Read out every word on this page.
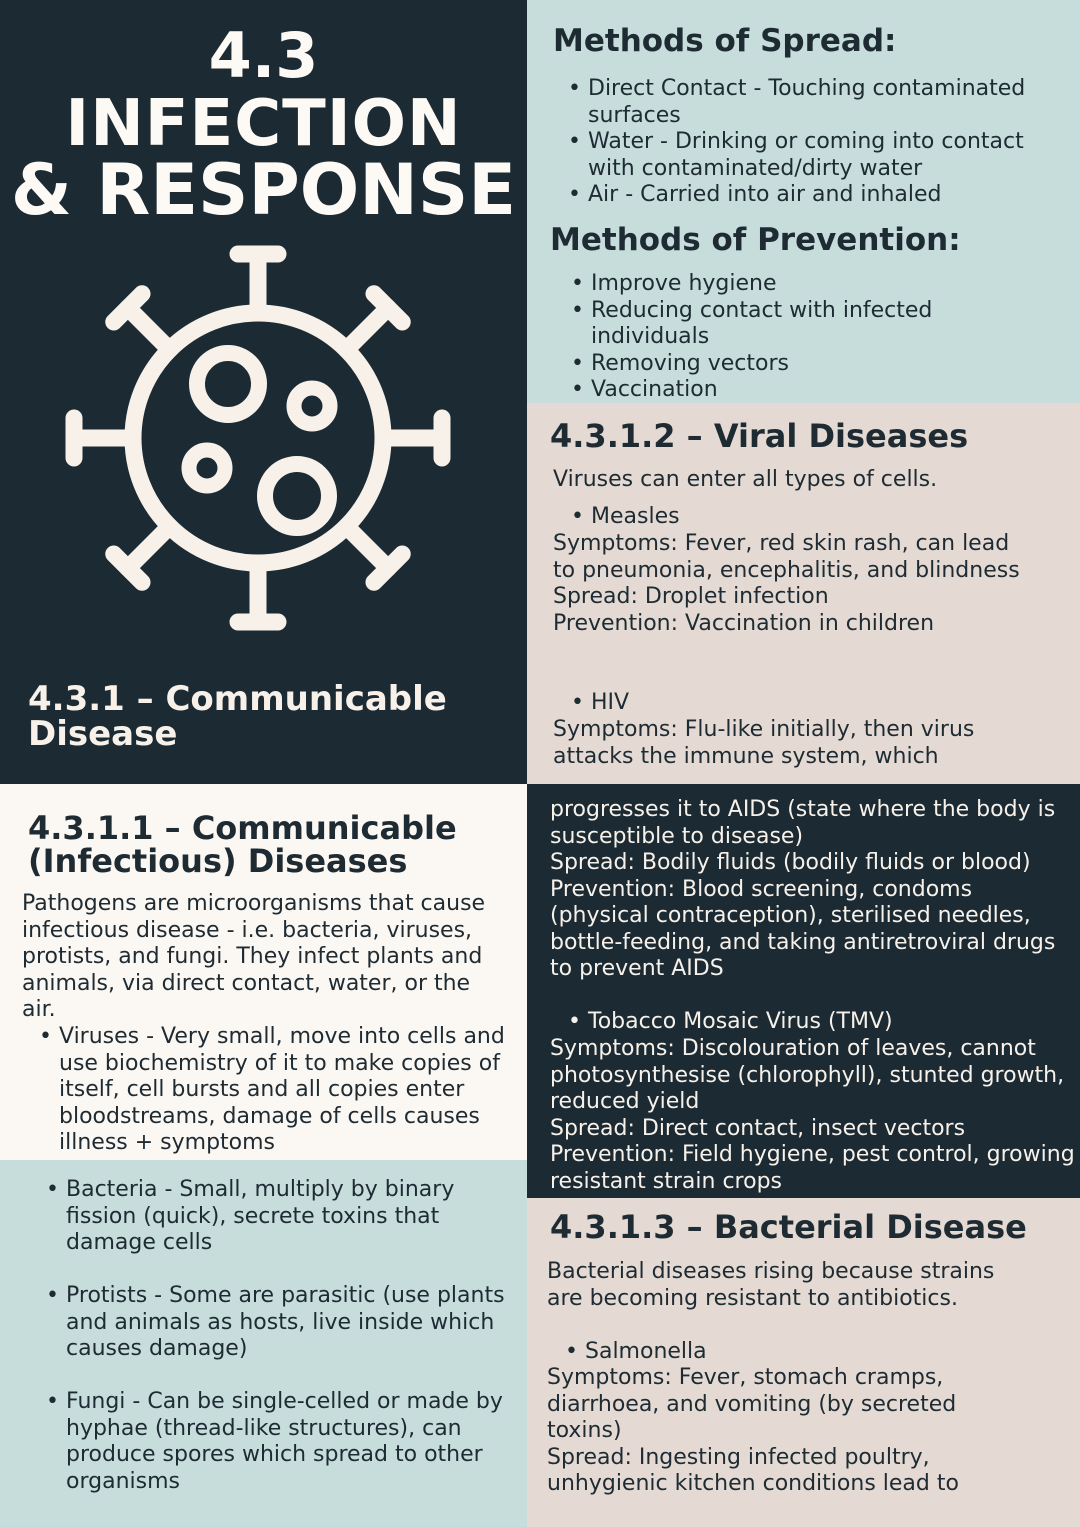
4.3
INFECTION
& RESPONSE
4.3.1 – Communicable Disease
Methods of Spread:
• Direct Contact - Touching contaminated surfaces
• Water - Drinking or coming into contact with contaminated/dirty water
• Air - Carried into air and inhaled
Methods of Prevention:
• Improve hygiene
• Reducing contact with infected individuals
• Removing vectors
• Vaccination
4.3.1.2 – Viral Diseases
Viruses can enter all types of cells.
• Measles
Symptoms: Fever, red skin rash, can lead to pneumonia, encephalitis, and blindness
Spread: Droplet infection
Prevention: Vaccination in children
• HIV
Symptoms: Flu-like initially, then virus attacks the immune system, which
progresses it to AIDS (state where the body is susceptible to disease)
Spread: Bodily fluids (bodily fluids or blood)
Prevention: Blood screening, condoms (physical contraception), sterilised needles, bottle-feeding, and taking antiretroviral drugs to prevent AIDS
• Tobacco Mosaic Virus (TMV)
Symptoms: Discolouration of leaves, cannot photosynthesise (chlorophyll), stunted growth, reduced yield
Spread: Direct contact, insect vectors
Prevention: Field hygiene, pest control, growing resistant strain crops
4.3.1.1 – Communicable (Infectious) Diseases
Pathogens are microorganisms that cause infectious disease - i.e. bacteria, viruses, protists, and fungi. They infect plants and animals, via direct contact, water, or the air.
• Viruses - Very small, move into cells and use biochemistry of it to make copies of itself, cell bursts and all copies enter bloodstreams, damage of cells causes illness + symptoms
• Bacteria - Small, multiply by binary fission (quick), secrete toxins that damage cells
• Protists - Some are parasitic (use plants and animals as hosts, live inside which causes damage)
• Fungi - Can be single-celled or made by hyphae (thread-like structures), can produce spores which spread to other organisms
4.3.1.3 – Bacterial Disease
Bacterial diseases rising because strains are becoming resistant to antibiotics.
• Salmonella
Symptoms: Fever, stomach cramps, diarrhoea, and vomiting (by secreted toxins)
Spread: Ingesting infected poultry, unhygienic kitchen conditions lead to
